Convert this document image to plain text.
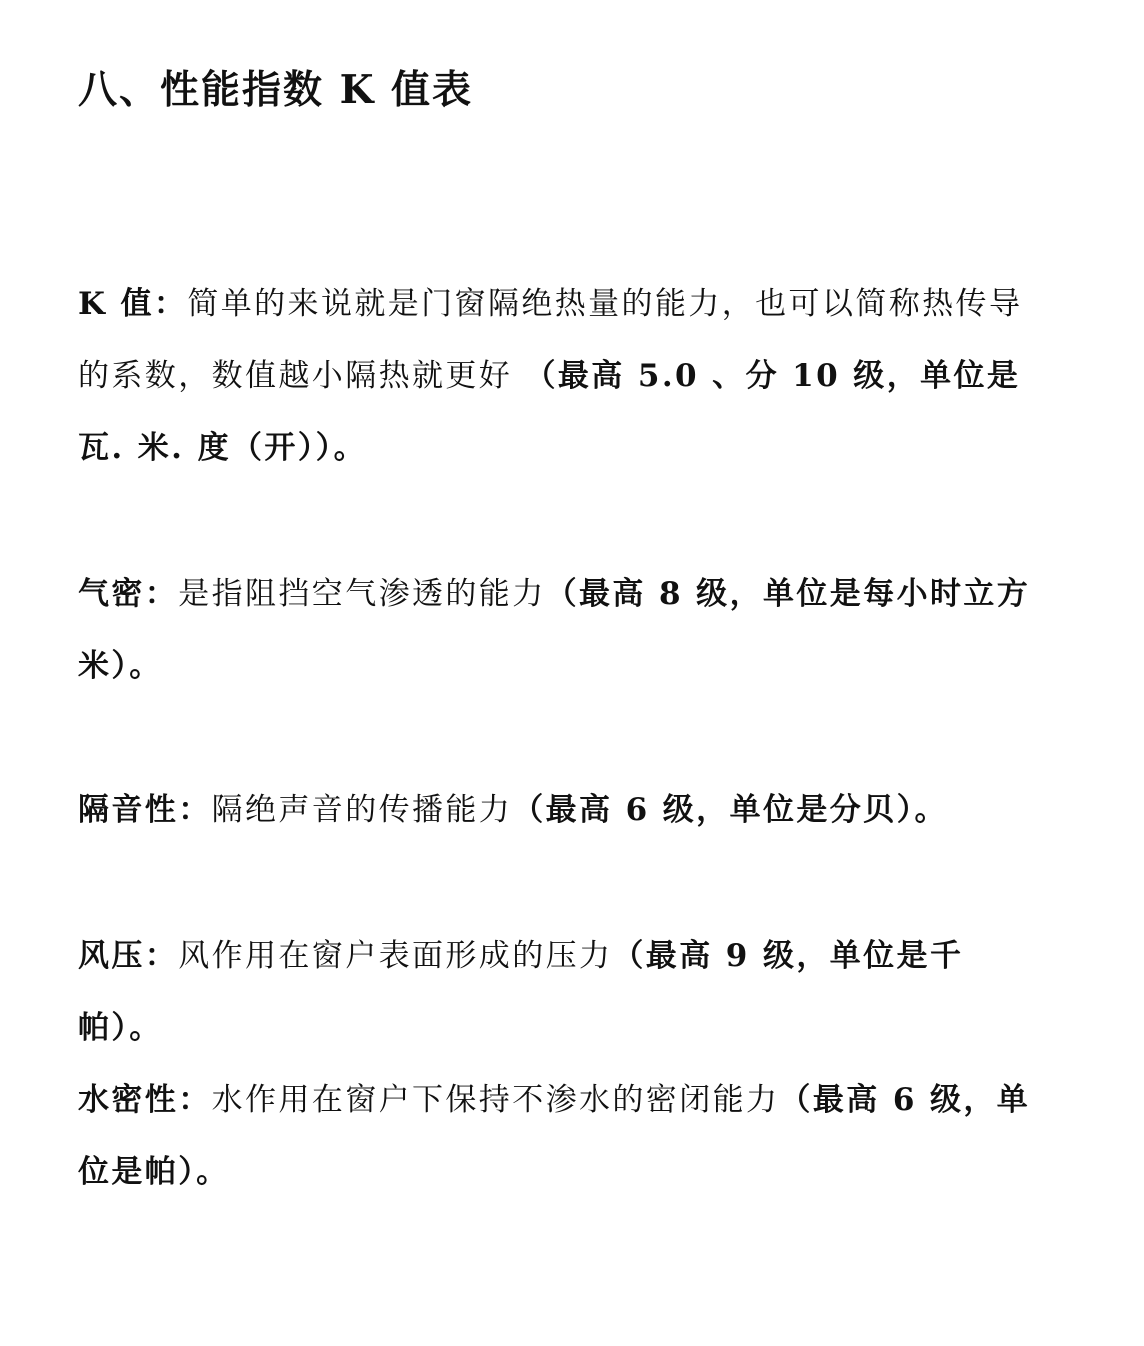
八、性能指数 K 值表

K 值：简单的来说就是门窗隔绝热量的能力，也可以简称热传导的系数，数值越小隔热就更好 （最高 5.0 、分 10 级，单位是瓦. 米. 度（开））。

气密：是指阻挡空气渗透的能力（最高 8 级，单位是每小时立方米）。

隔音性：隔绝声音的传播能力（最高 6 级，单位是分贝）。

风压：风作用在窗户表面形成的压力（最高 9 级，单位是千帕）。

水密性：水作用在窗户下保持不渗水的密闭能力（最高 6 级，单位是帕）。
